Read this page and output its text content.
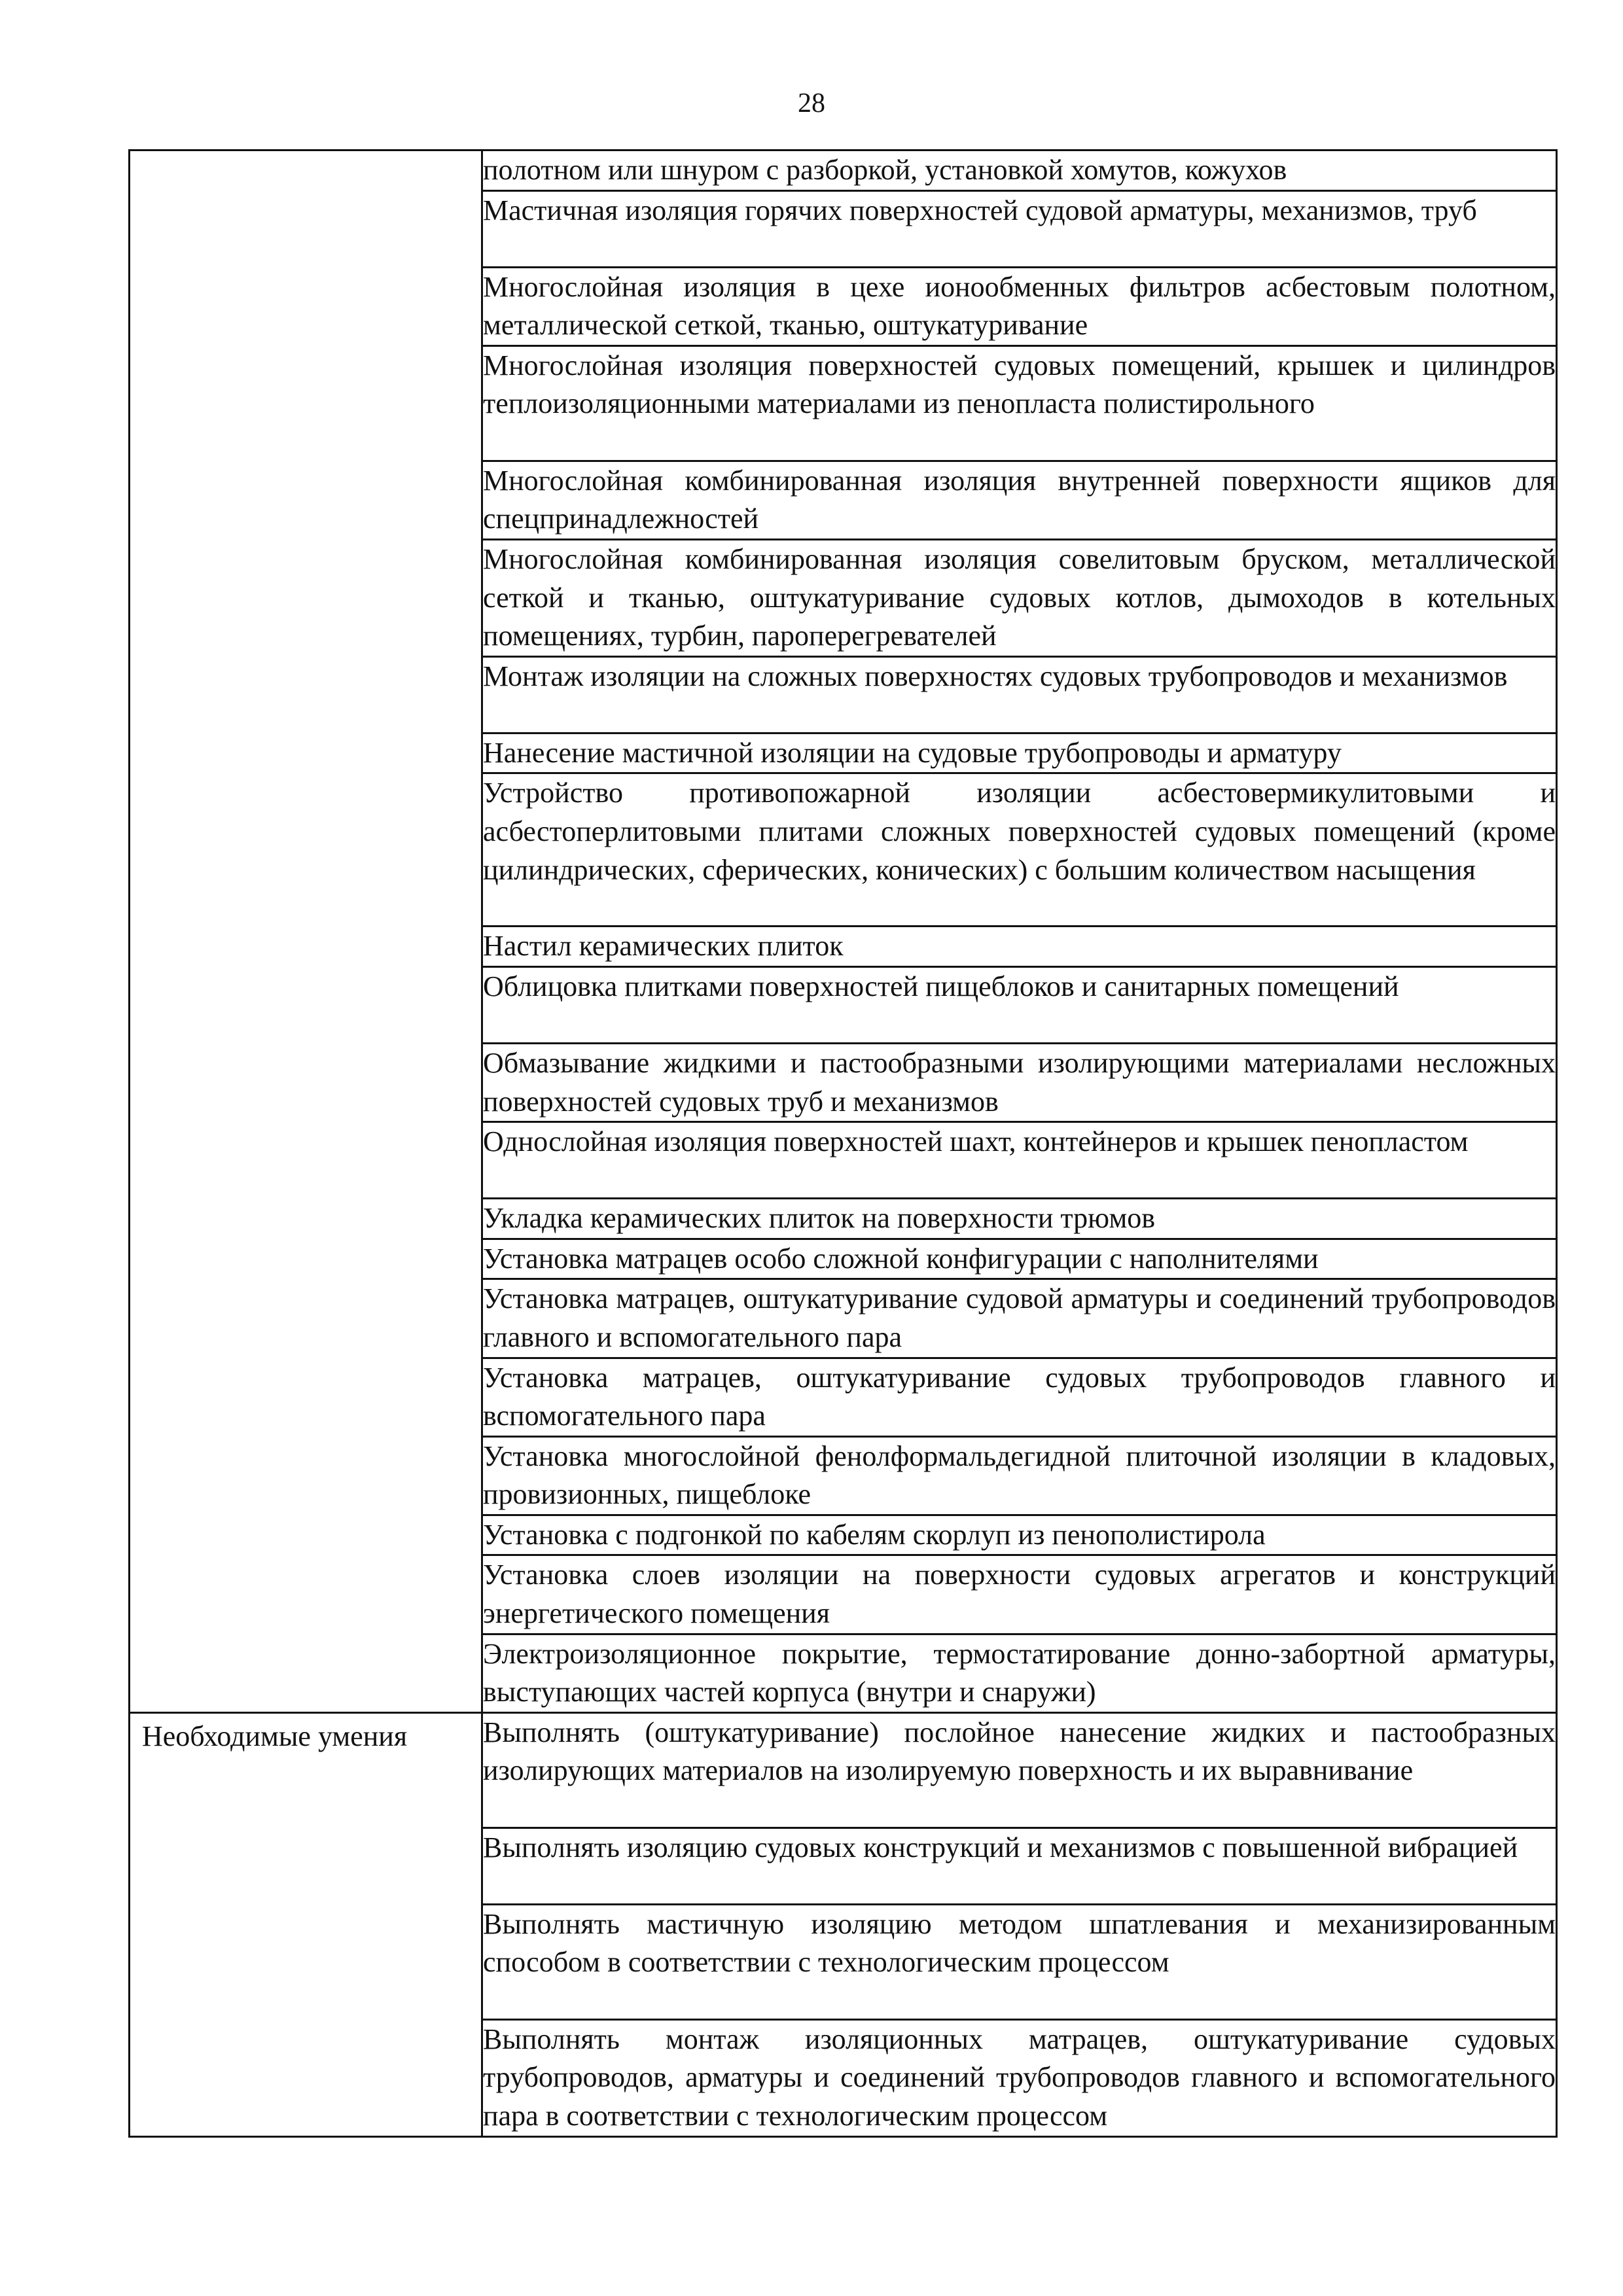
28

	полотном или шнуром с разборкой, установкой хомутов, кожухов

	Мастичная изоляция горячих поверхностей судовой арматуры, механизмов, труб

	Многослойная изоляция в цехе ионообменных фильтров асбестовым полотном, металлической сеткой, тканью, оштукатуривание

	Многослойная изоляция поверхностей судовых помещений, крышек и цилиндров теплоизоляционными материалами из пенопласта полистирольного

	Многослойная комбинированная изоляция внутренней поверхности ящиков для спецпринадлежностей

	Многослойная комбинированная изоляция совелитовым бруском, металлической сеткой и тканью, оштукатуривание судовых котлов, дымоходов в котельных помещениях, турбин, пароперегревателей

	Монтаж изоляции на сложных поверхностях судовых трубопроводов и механизмов

	Нанесение мастичной изоляции на судовые трубопроводы и арматуру

	Устройство противопожарной изоляции асбестовермикулитовыми и асбестоперлитовыми плитами сложных поверхностей судовых помещений (кроме цилиндрических, сферических, конических) с большим количеством насыщения

	Настил керамических плиток

	Облицовка плитками поверхностей пищеблоков и санитарных помещений

	Обмазывание жидкими и пастообразными изолирующими материалами несложных поверхностей судовых труб и механизмов

	Однослойная изоляция поверхностей шахт, контейнеров и крышек пенопластом

	Укладка керамических плиток на поверхности трюмов

	Установка матрацев особо сложной конфигурации с наполнителями

	Установка матрацев, оштукатуривание судовой арматуры и соединений трубопроводов главного и вспомогательного пара

	Установка матрацев, оштукатуривание судовых трубопроводов главного и вспомогательного пара

	Установка многослойной фенолформальдегидной плиточной изоляции в кладовых, провизионных, пищеблоке

	Установка с подгонкой по кабелям скорлуп из пенополистирола

	Установка слоев изоляции на поверхности судовых агрегатов и конструкций энергетического помещения

	Электроизоляционное покрытие, термостатирование донно-забортной арматуры, выступающих частей корпуса (внутри и снаружи)

Необходимые умения	Выполнять (оштукатуривание) послойное нанесение жидких и пастообразных изолирующих материалов на изолируемую поверхность и их выравнивание

	Выполнять изоляцию судовых конструкций и механизмов с повышенной вибрацией

	Выполнять мастичную изоляцию методом шпатлевания и механизированным способом в соответствии с технологическим процессом

	Выполнять монтаж изоляционных матрацев, оштукатуривание судовых трубопроводов, арматуры и соединений трубопроводов главного и вспомогательного пара в соответствии с технологическим процессом
